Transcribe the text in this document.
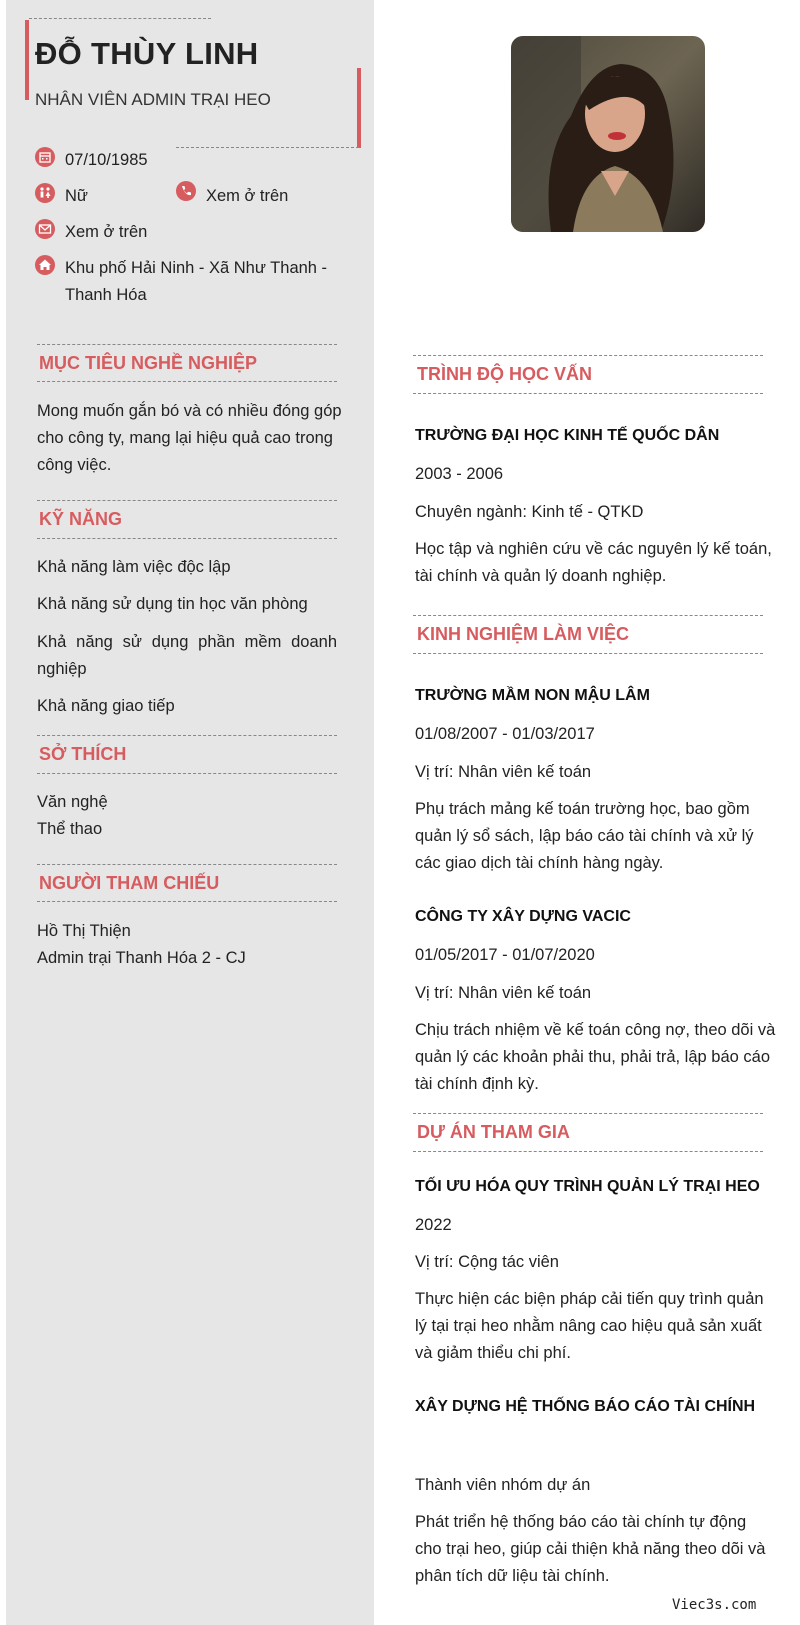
ĐỖ THÙY LINH
NHÂN VIÊN ADMIN TRẠI HEO
07/10/1985
Nữ	Xem ở trên
Xem ở trên
Khu phố Hải Ninh - Xã Như Thanh -
Thanh Hóa
MỤC TIÊU NGHỀ NGHIỆP
Mong muốn gắn bó và có nhiều đóng góp
cho công ty, mang lại hiệu quả cao trong
công việc.
KỸ NĂNG
Khả năng làm việc độc lập
Khả năng sử dụng tin học văn phòng
Khả năng sử dụng phần mềm doanh
nghiệp
Khả năng giao tiếp
SỞ THÍCH
Văn nghệ
Thể thao
NGƯỜI THAM CHIẾU
Hồ Thị Thiện
Admin trại Thanh Hóa 2 - CJ
TRÌNH ĐỘ HỌC VẤN
TRƯỜNG ĐẠI HỌC KINH TẾ QUỐC DÂN
2003 - 2006
Chuyên ngành: Kinh tế - QTKD
Học tập và nghiên cứu về các nguyên lý kế toán,
tài chính và quản lý doanh nghiệp.
KINH NGHIỆM LÀM VIỆC
TRƯỜNG MẦM NON MẬU LÂM
01/08/2007 - 01/03/2017
Vị trí: Nhân viên kế toán
Phụ trách mảng kế toán trường học, bao gồm
quản lý sổ sách, lập báo cáo tài chính và xử lý
các giao dịch tài chính hàng ngày.
CÔNG TY XÂY DỰNG VACIC
01/05/2017 - 01/07/2020
Vị trí: Nhân viên kế toán
Chịu trách nhiệm về kế toán công nợ, theo dõi và
quản lý các khoản phải thu, phải trả, lập báo cáo
tài chính định kỳ.
DỰ ÁN THAM GIA
TỐI ƯU HÓA QUY TRÌNH QUẢN LÝ TRẠI HEO
2022
Vị trí: Cộng tác viên
Thực hiện các biện pháp cải tiến quy trình quản
lý tại trại heo nhằm nâng cao hiệu quả sản xuất
và giảm thiểu chi phí.
XÂY DỰNG HỆ THỐNG BÁO CÁO TÀI CHÍNH
Thành viên nhóm dự án
Phát triển hệ thống báo cáo tài chính tự động
cho trại heo, giúp cải thiện khả năng theo dõi và
phân tích dữ liệu tài chính.
Viec3s.com
